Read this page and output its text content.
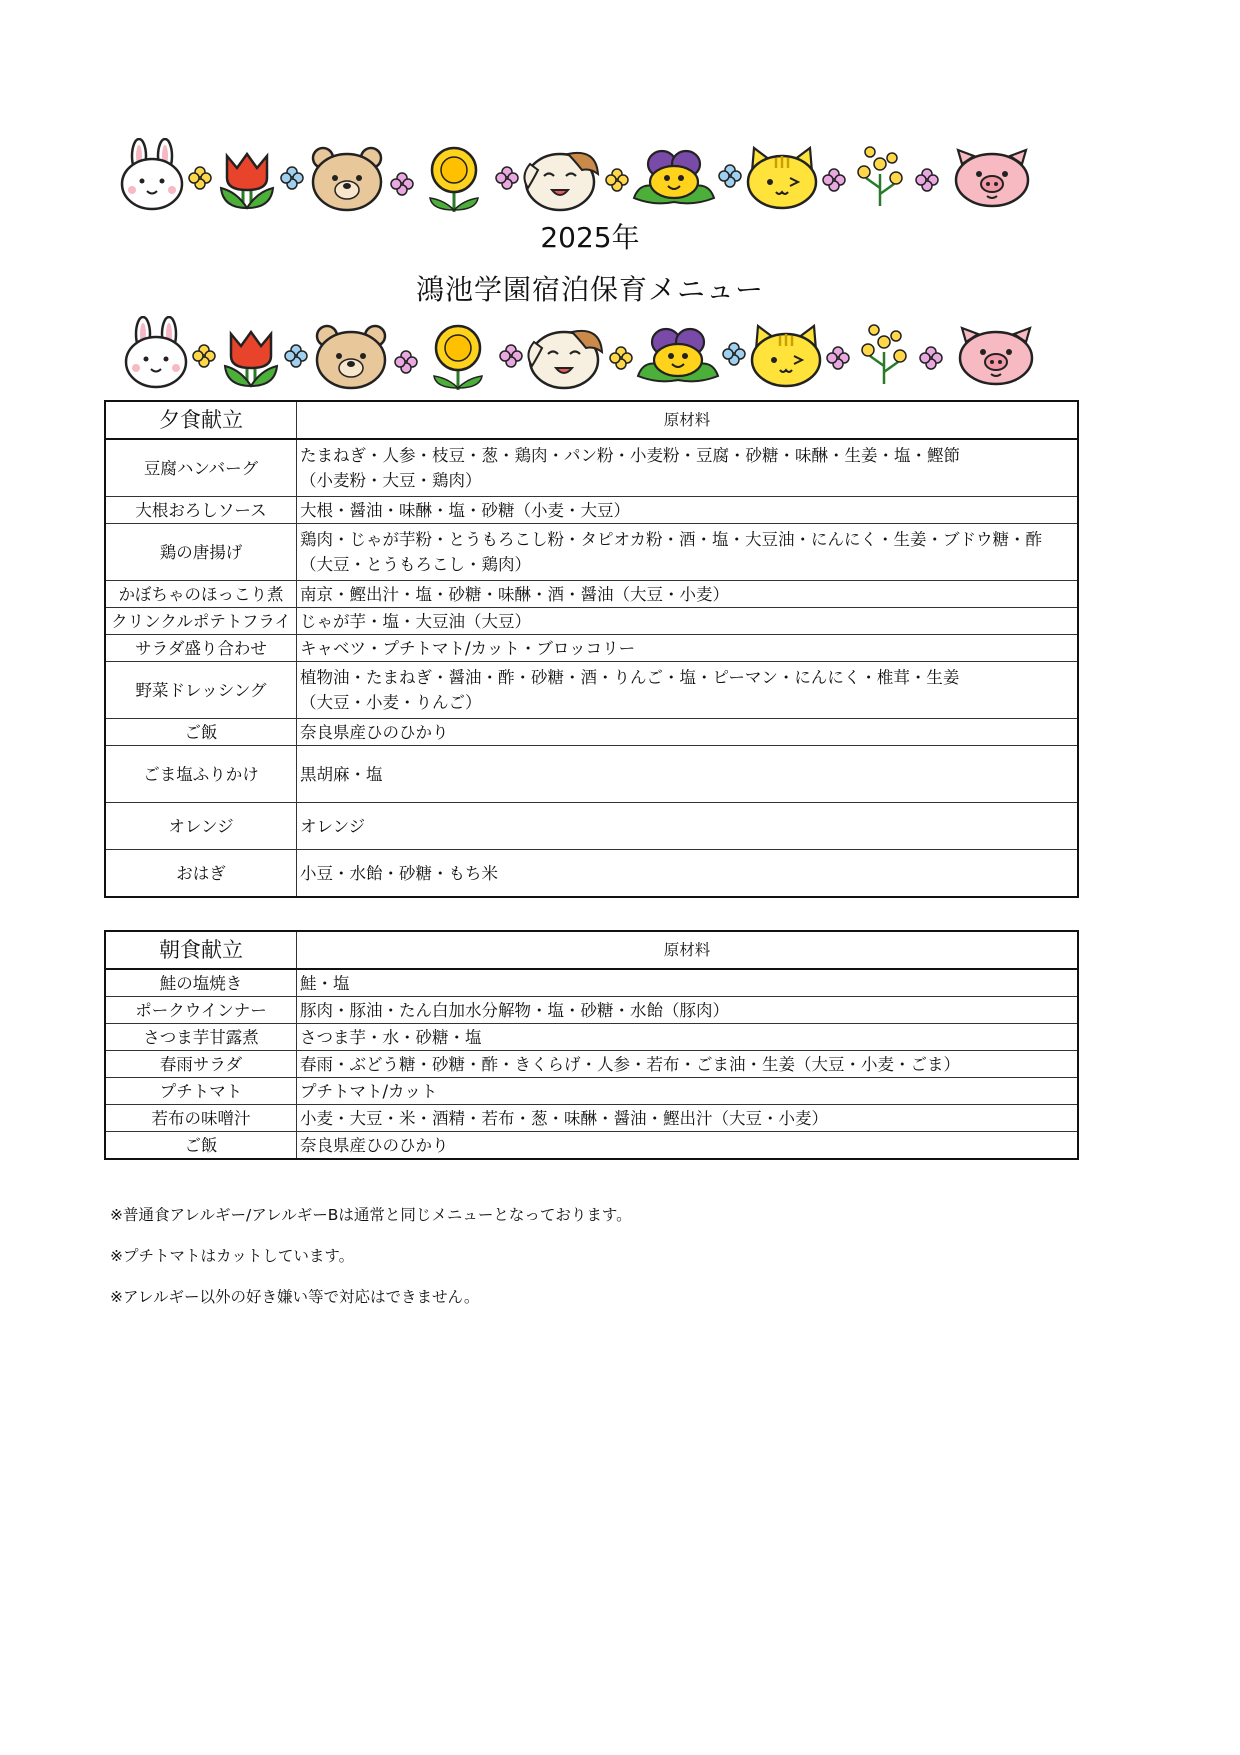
2025年
鴻池学園宿泊保育メニュー
夕食献立	原材料
豆腐ハンバーグ	たまねぎ・人参・枝豆・葱・鶏肉・パン粉・小麦粉・豆腐・砂糖・味醂・生姜・塩・鰹節
（小麦粉・大豆・鶏肉）

大根おろしソース	大根・醤油・味醂・塩・砂糖（小麦・大豆）
鶏の唐揚げ	鶏肉・じゃが芋粉・とうもろこし粉・タピオカ粉・酒・塩・大豆油・にんにく・生姜・ブドウ糖・酢
（大豆・とうもろこし・鶏肉）

かぼちゃのほっこり煮	南京・鰹出汁・塩・砂糖・味醂・酒・醤油（大豆・小麦）
クリンクルポテトフライ	じゃが芋・塩・大豆油（大豆）
サラダ盛り合わせ	キャベツ・プチトマト/カット・ブロッコリー
野菜ドレッシング	植物油・たまねぎ・醤油・酢・砂糖・酒・りんご・塩・ピーマン・にんにく・椎茸・生姜
（大豆・小麦・りんご）

ご飯	奈良県産ひのひかり
ごま塩ふりかけ	黒胡麻・塩
オレンジ	オレンジ
おはぎ	小豆・水飴・砂糖・もち米
朝食献立	原材料
鮭の塩焼き	鮭・塩
ポークウインナー	豚肉・豚油・たん白加水分解物・塩・砂糖・水飴（豚肉）
さつま芋甘露煮	さつま芋・水・砂糖・塩
春雨サラダ	春雨・ぶどう糖・砂糖・酢・きくらげ・人参・若布・ごま油・生姜（大豆・小麦・ごま）
プチトマト	プチトマト/カット
若布の味噌汁	小麦・大豆・米・酒精・若布・葱・味醂・醤油・鰹出汁（大豆・小麦）
ご飯	奈良県産ひのひかり

※普通食アレルギー/アレルギーBは通常と同じメニューとなっております。

※プチトマトはカットしています。

※アレルギー以外の好き嫌い等で対応はできません。
